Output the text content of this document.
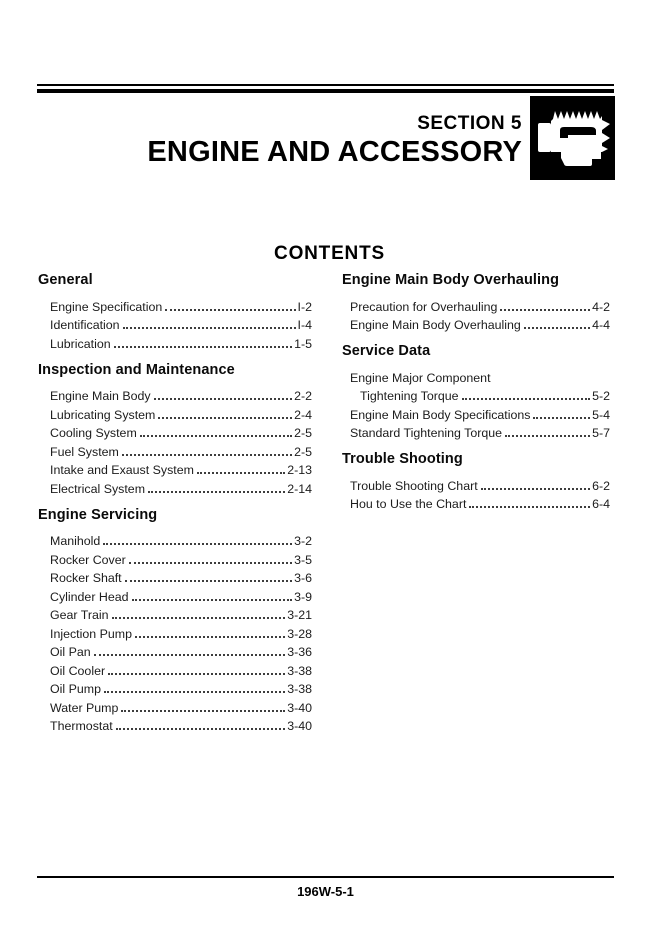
SECTION 5
ENGINE AND ACCESSORY
CONTENTS
General
Engine Specification	I-2
Identification	I-4
Lubrication	1-5
Inspection and Maintenance
Engine Main Body	2-2
Lubricating System	2-4
Cooling System	2-5
Fuel System	2-5
Intake and Exaust System	2-13
Electrical System	2-14
Engine Servicing
Manihold	3-2
Rocker Cover	3-5
Rocker Shaft	3-6
Cylinder Head	3-9
Gear Train	3-21
Injection Pump	3-28
Oil Pan	3-36
Oil Cooler	3-38
Oil Pump	3-38
Water Pump	3-40
Thermostat	3-40
Engine Main Body Overhauling
Precaution for Overhauling	4-2
Engine Main Body Overhauling	4-4
Service Data
Engine Major Component
Tightening Torque	5-2
Engine Main Body Specifications	5-4
Standard Tightening Torque	5-7
Trouble Shooting
Trouble Shooting Chart	6-2
Hou to Use the Chart	6-4
196W-5-1
